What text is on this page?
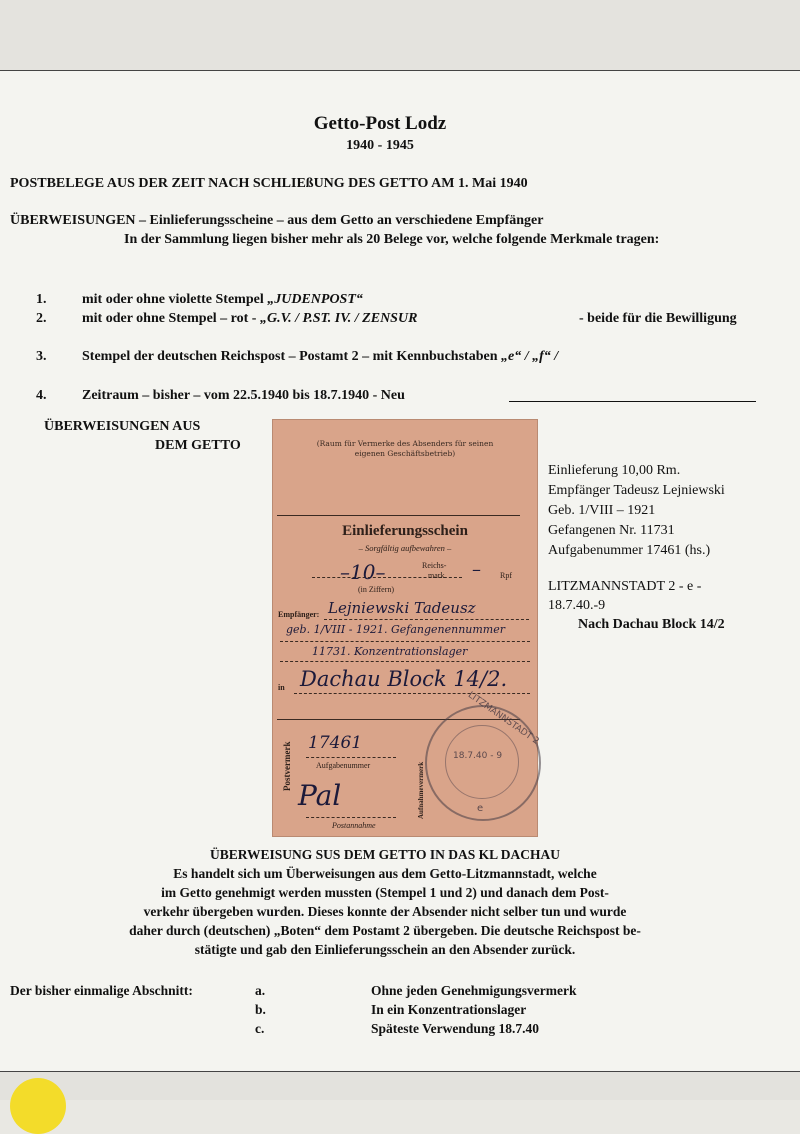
Getto-Post Lodz
1940 - 1945
POSTBELEGE AUS DER ZEIT NACH SCHLIEßUNG DES GETTO AM 1. Mai 1940
ÜBERWEISUNGEN – Einlieferungsscheine – aus dem Getto an verschiedene Empfänger
In der Sammlung liegen bisher mehr als 20 Belege vor, welche folgende Merkmale tragen:
1.	mit oder ohne violette Stempel „JUDENPOST“
2.	mit oder ohne Stempel – rot - „G.V. / P.ST. IV. / ZENSUR	- beide für die Bewilligung
3.	Stempel der deutschen Reichspost – Postamt 2 – mit Kennbuchstaben „e“ / „f“ /
4.	Zeitraum – bisher – vom 22.5.1940 bis 18.7.1940 - Neu
ÜBERWEISUNGEN AUS
DEM GETTO	(Raum für Vermerke des Absenders für seinen
eigenen Geschäftsbetrieb)
Einlieferungsschein
– Sorgfältig aufbewahren –
–10–	Reichs-
mark – Rpf
(in Ziffern)
Empfänger: Lejniewski Tadeusz
geb. 1/VIII - 1921. Gefangenennummer
11731. Konzentrationslager
in Dachau Block 14/2.
Postvermerk 17461
Aufgabenummer	Aufnahmevermerk
Pal
Postannahme
LITZMANNSTADT 2
18.7.40 - 9
e
Einlieferung 10,00 Rm.
Empfänger Tadeusz Lejniewski
Geb. 1/VIII – 1921
Gefangenen Nr. 11731
Aufgabenummer 17461 (hs.)
LITZMANNSTADT 2 - e -
18.7.40.-9
Nach Dachau Block 14/2
ÜBERWEISUNG SUS DEM GETTO IN DAS KL DACHAU
Es handelt sich um Überweisungen aus dem Getto-Litzmannstadt, welche
im Getto genehmigt werden mussten (Stempel 1 und 2) und danach dem Post-
verkehr übergeben wurden. Dieses konnte der Absender nicht selber tun und wurde
daher durch (deutschen) „Boten“ dem Postamt 2 übergeben. Die deutsche Reichspost be-
stätigte und gab den Einlieferungsschein an den Absender zurück.
Der bisher einmalige Abschnitt:	a.	Ohne jeden Genehmigungsvermerk
b.	In ein Konzentrationslager
c.	Späteste Verwendung 18.7.40
